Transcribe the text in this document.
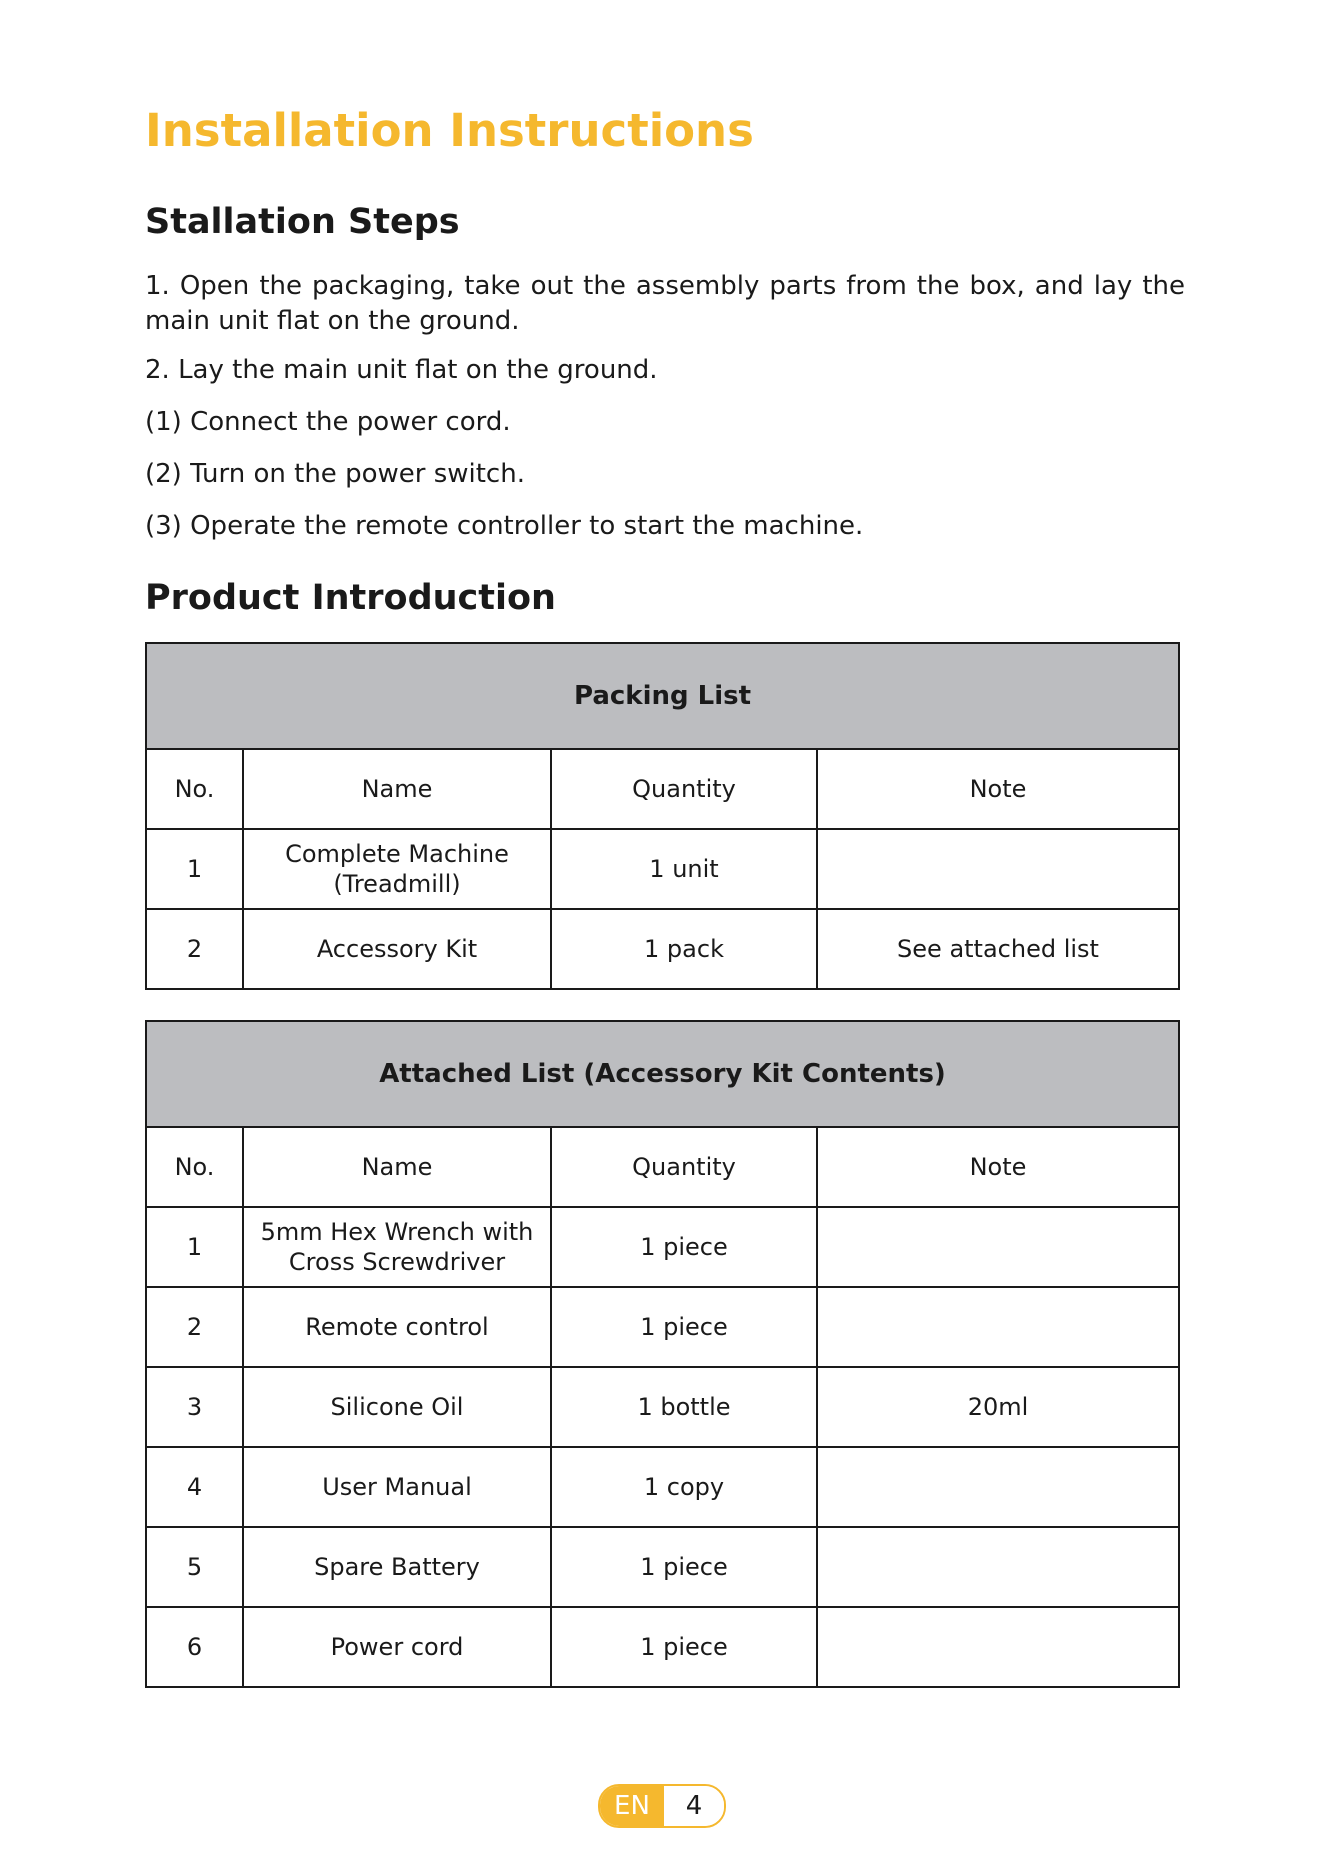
Installation Instructions
Stallation Steps

1. Open the packaging, take out the assembly parts from the box, and lay the main unit flat on the ground.

2. Lay the main unit flat on the ground.

(1) Connect the power cord.

(2) Turn on the power switch.

(3) Operate the remote controller to start the machine.

Product Introduction
Packing List			
No.	Name	Quantity	Note
1	Complete Machine (Treadmill)	1 unit	
2	Accessory Kit	1 pack	See attached list
Attached List (Accessory Kit Contents)			
No.	Name	Quantity	Note
1	5mm Hex Wrench with Cross Screwdriver	1 piece	
2	Remote control	1 piece	
3	Silicone Oil	1 bottle	20ml
4	User Manual	1 copy	
5	Spare Battery	1 piece	
6	Power cord	1 piece	
EN	4
